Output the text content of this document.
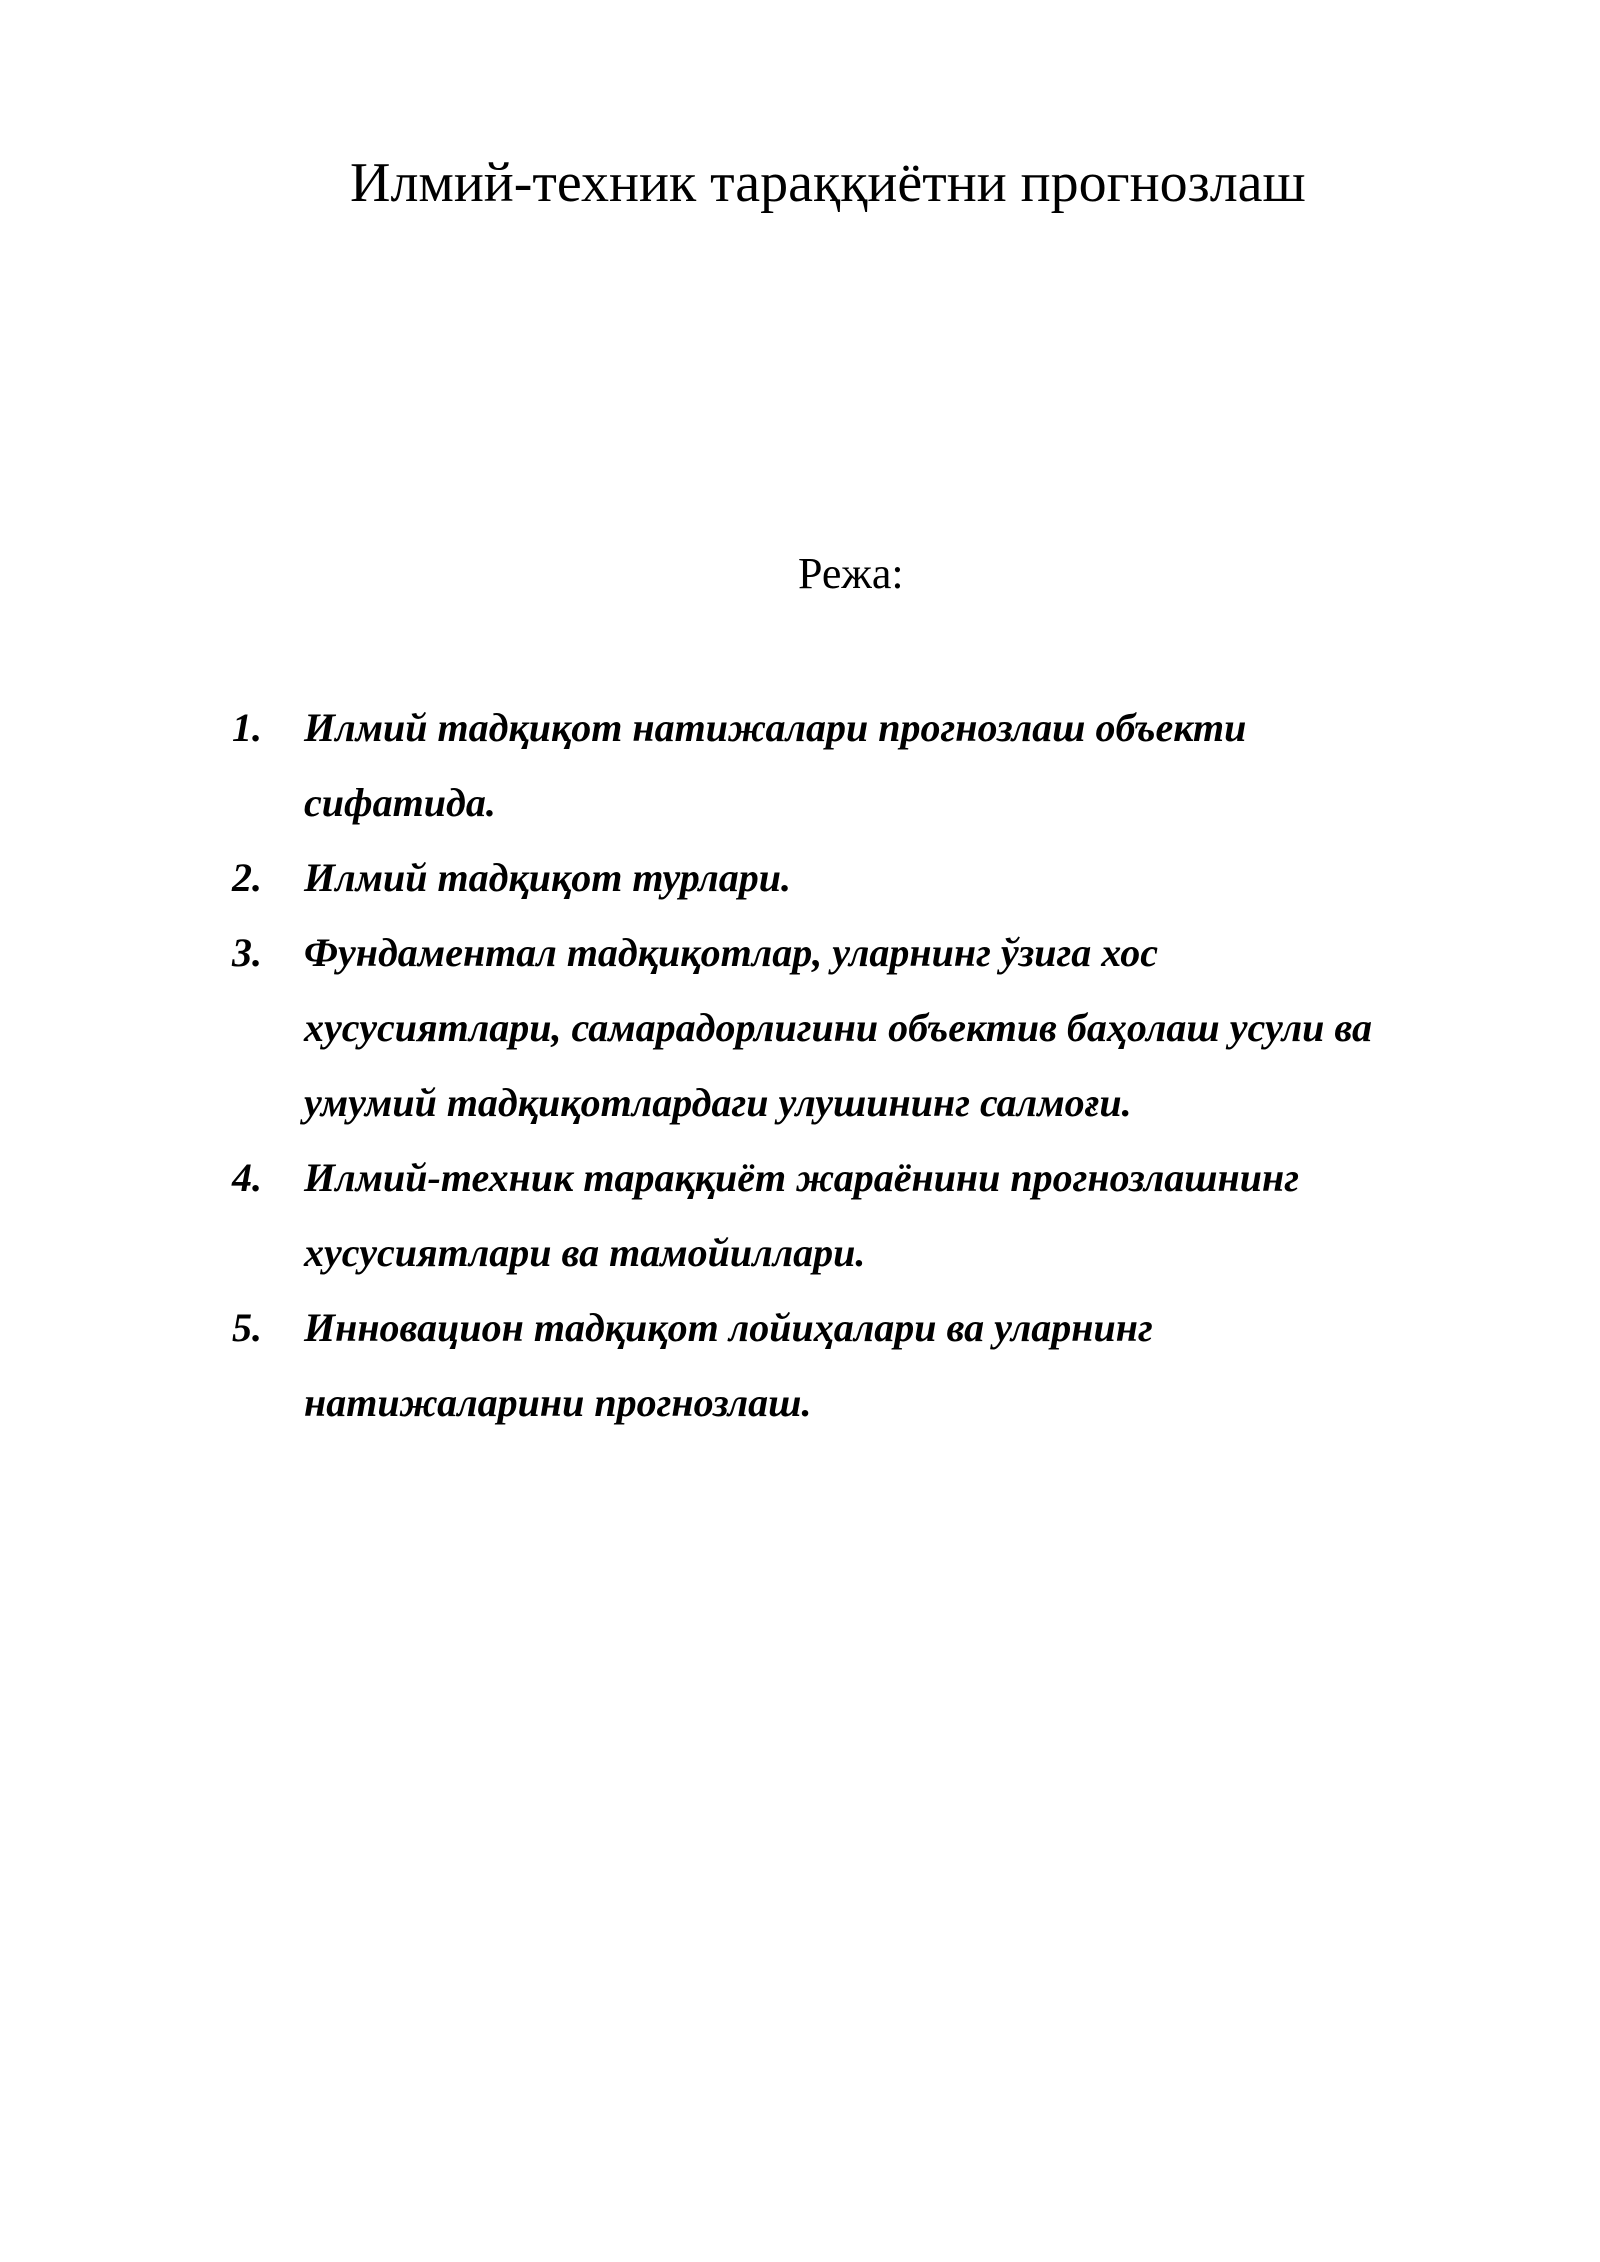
Илмий-техник тараққиётни прогнозлаш
Режа:
1.	Илмий тадқиқот натижалари прогнозлаш объекти
сифатида.
2.	Илмий тадқиқот турлари.
3.	Фундаментал тадқиқотлар, уларнинг ўзига хос
хусусиятлари, самарадорлигини объектив баҳолаш усули ва
умумий тадқиқотлардаги улушининг салмоғи.
4.	Илмий-техник тараққиёт жараёнини прогнозлашнинг
хусусиятлари ва тамойиллари.
5.	Инновацион тадқиқот лойиҳалари ва уларнинг
натижаларини прогнозлаш.
